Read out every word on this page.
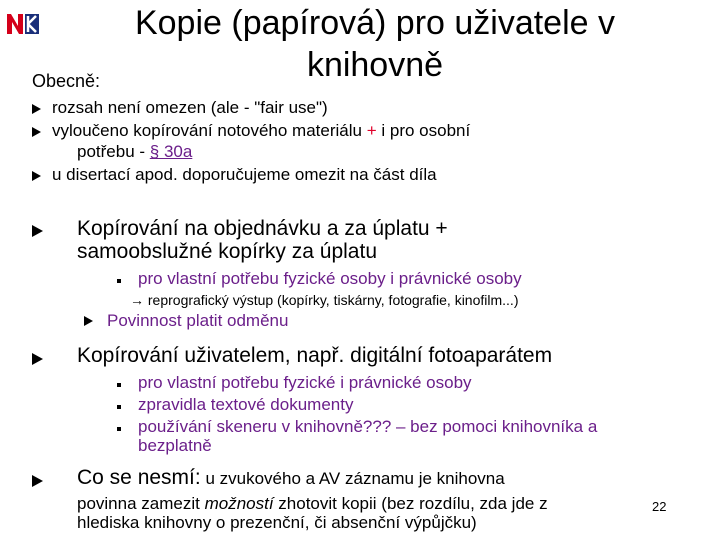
Kopie (papírová) pro uživatele v knihovně
Obecně:
rozsah není omezen (ale - "fair use")
vyloučeno kopírování notového materiálu + i pro osobní
potřebu - § 30a
u disertací apod. doporučujeme omezit na část díla
Kopírování na objednávku a za úplatu +
samoobslužné kopírky za úplatu
pro vlastní potřebu fyzické osoby i právnické osoby
→ reprografický výstup (kopírky, tiskárny, fotografie, kinofilm...)
Povinnost platit odměnu
Kopírování uživatelem, např. digitální fotoaparátem
pro vlastní potřebu fyzické i právnické osoby
zpravidla textové dokumenty
používání skeneru v knihovně??? – bez pomoci knihovníka a
bezplatně
Co se nesmí: u zvukového a AV záznamu je knihovna
povinna zamezit možností zhotovit kopii (bez rozdílu, zda jde z
hlediska knihovny o prezenční, či absenční výpůjčku)
22
